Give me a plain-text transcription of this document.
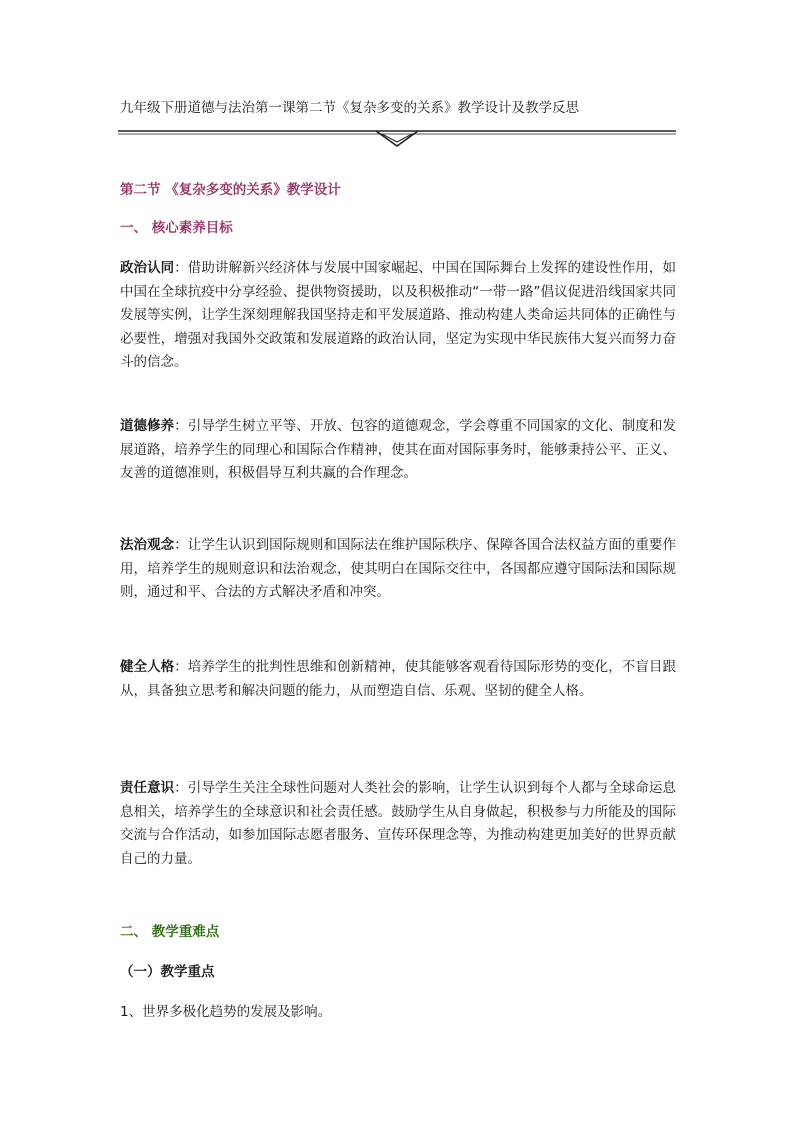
九年级下册道德与法治第一课第二节《复杂多变的关系》教学设计及教学反思
第二节 《复杂多变的关系》教学设计
一、 核心素养目标
政治认同：借助讲解新兴经济体与发展中国家崛起、中国在国际舞台上发挥的建设性作用，如中国在全球抗疫中分享经验、提供物资援助，以及积极推动“一带一路”倡议促进沿线国家共同发展等实例，让学生深刻理解我国坚持走和平发展道路、推动构建人类命运共同体的正确性与必要性，增强对我国外交政策和发展道路的政治认同，坚定为实现中华民族伟大复兴而努力奋斗的信念。
道德修养：引导学生树立平等、开放、包容的道德观念，学会尊重不同国家的文化、制度和发展道路，培养学生的同理心和国际合作精神，使其在面对国际事务时，能够秉持公平、正义、友善的道德准则，积极倡导互利共赢的合作理念。
法治观念：让学生认识到国际规则和国际法在维护国际秩序、保障各国合法权益方面的重要作用，培养学生的规则意识和法治观念，使其明白在国际交往中，各国都应遵守国际法和国际规则，通过和平、合法的方式解决矛盾和冲突。
健全人格：培养学生的批判性思维和创新精神，使其能够客观看待国际形势的变化，不盲目跟从，具备独立思考和解决问题的能力，从而塑造自信、乐观、坚韧的健全人格。
责任意识：引导学生关注全球性问题对人类社会的影响，让学生认识到每个人都与全球命运息息相关，培养学生的全球意识和社会责任感。鼓励学生从自身做起，积极参与力所能及的国际交流与合作活动，如参加国际志愿者服务、宣传环保理念等，为推动构建更加美好的世界贡献自己的力量。
二、 教学重难点
（一）教学重点
1、世界多极化趋势的发展及影响。
